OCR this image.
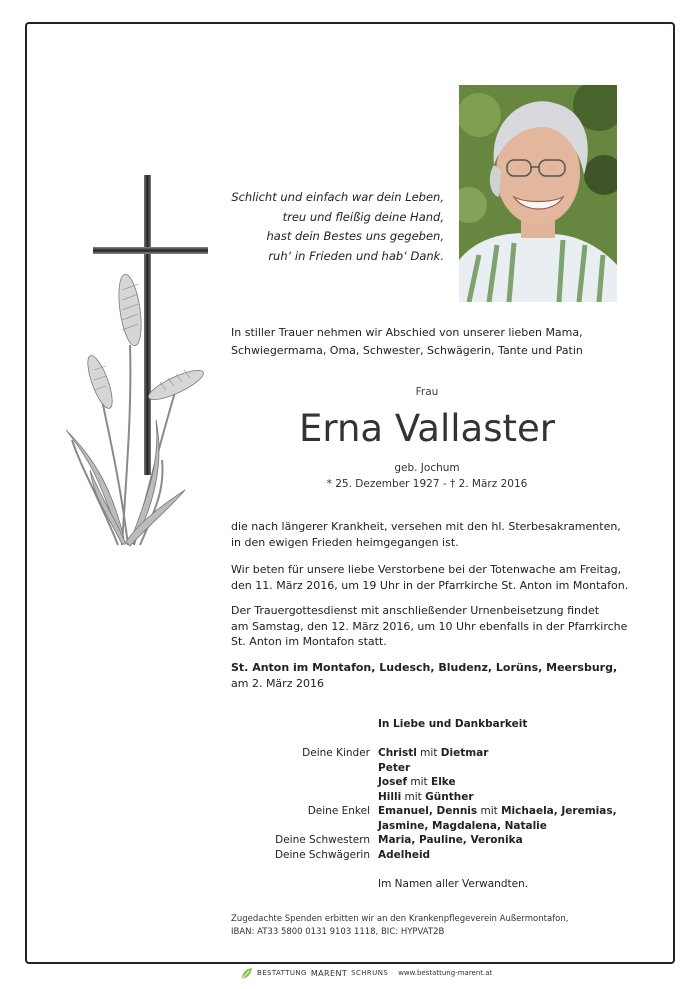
Schlicht und einfach war dein Leben,
treu und fleißig deine Hand,
hast dein Bestes uns gegeben,
ruh‘ in Frieden und hab‘ Dank.
In stiller Trauer nehmen wir Abschied von unserer lieben Mama,
Schwiegermama, Oma, Schwester, Schwägerin, Tante und Patin
Frau
Erna Vallaster
geb. Jochum
* 25. Dezember 1927 - † 2. März 2016
die nach längerer Krankheit, versehen mit den hl. Sterbesakramenten,
in den ewigen Frieden heimgegangen ist.
Wir beten für unsere liebe Verstorbene bei der Totenwache am Freitag,
den 11. März 2016, um 19 Uhr in der Pfarrkirche St. Anton im Montafon.
Der Trauergottesdienst mit anschließender Urnenbeisetzung findet
am Samstag, den 12. März 2016, um 10 Uhr ebenfalls in der Pfarrkirche
St. Anton im Montafon statt.
St. Anton im Montafon, Ludesch, Bludenz, Lorüns, Meersburg,
am 2. März 2016
In Liebe und Dankbarkeit
Deine Kinder Christl mit Dietmar
Peter
Josef mit Elke
Hilli mit Günther
Deine Enkel Emanuel, Dennis mit Michaela, Jeremias,
Jasmine, Magdalena, Natalie
Deine Schwestern Maria, Pauline, Veronika
Deine Schwägerin Adelheid
Im Namen aller Verwandten.
Zugedachte Spenden erbitten wir an den Krankenpflegeverein Außermontafon,
IBAN: AT33 5800 0131 9103 1118, BIC: HYPVAT2B
BESTATTUNG MARENT SCHRUNS www.bestattung-marent.at
